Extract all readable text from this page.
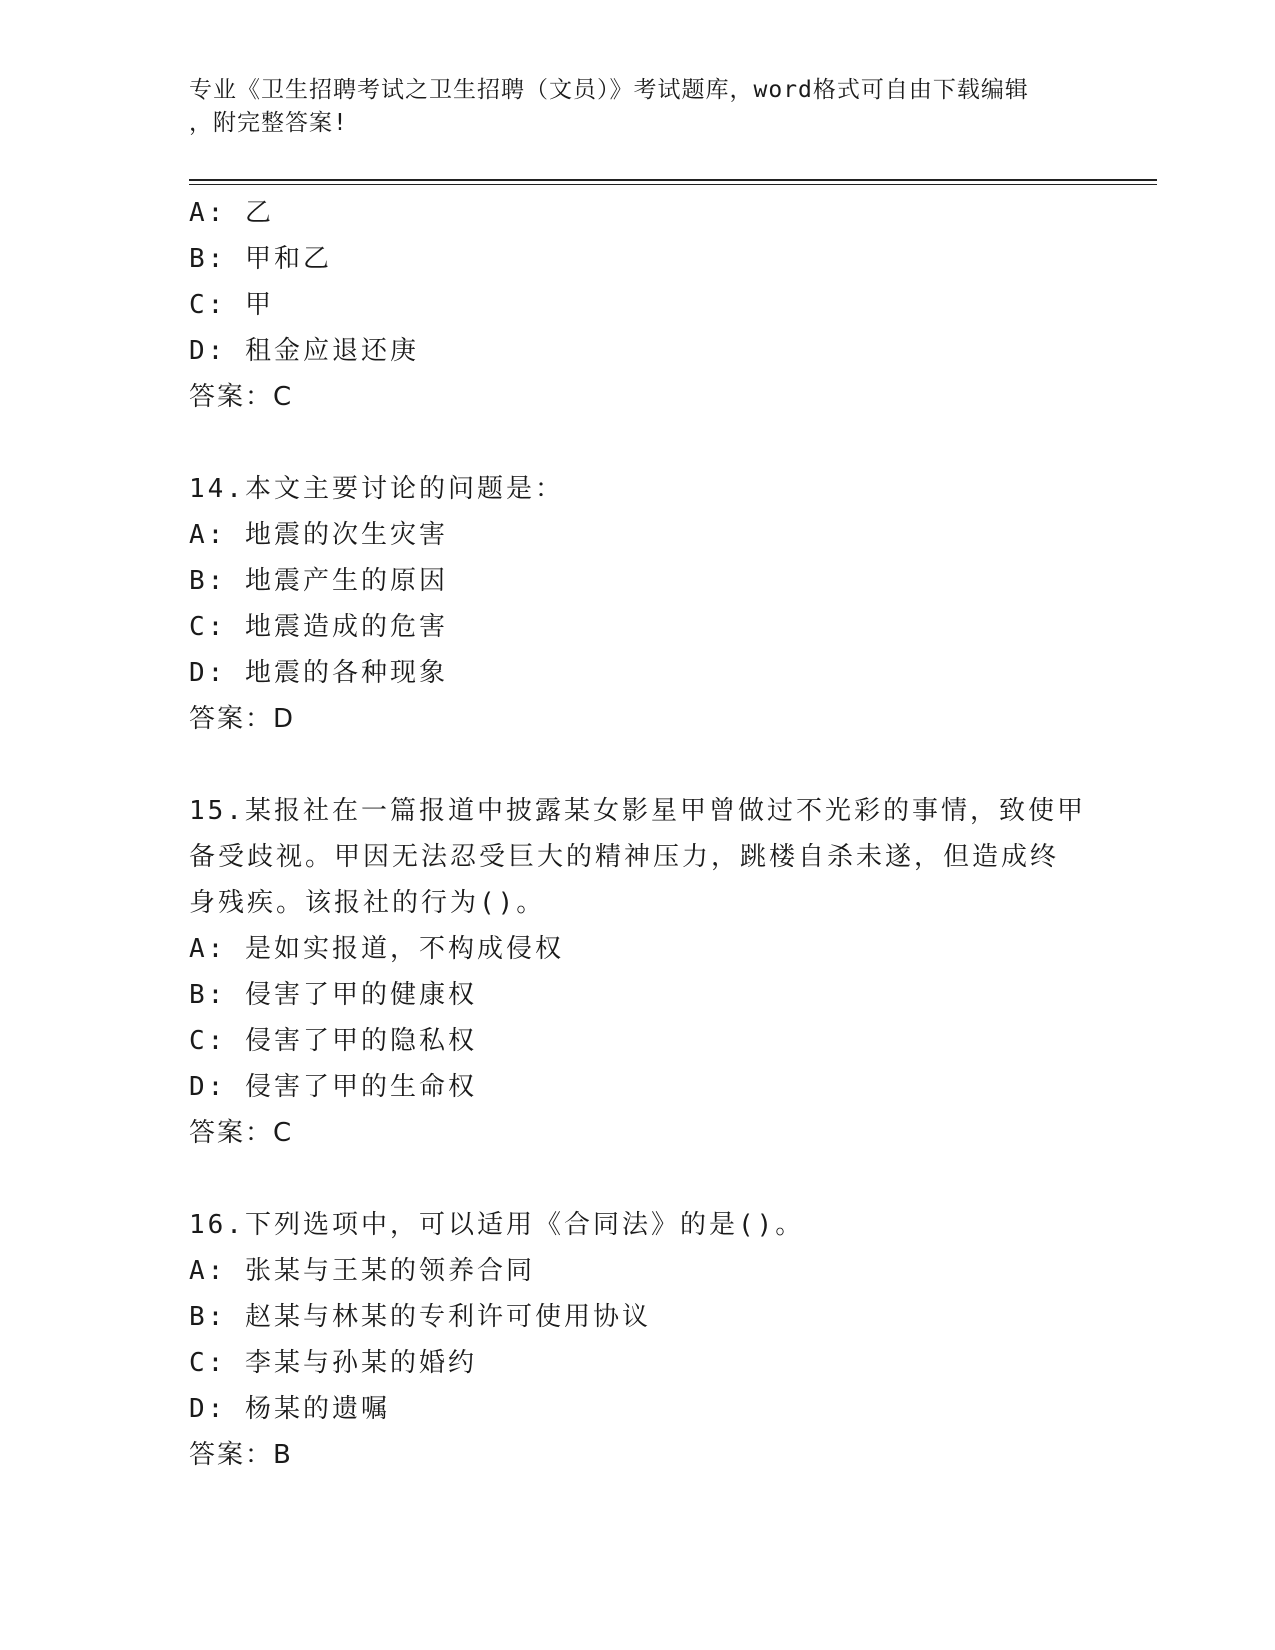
专业《卫生招聘考试之卫生招聘（文员）》考试题库，word格式可自由下载编辑
，附完整答案!
A: 乙
B: 甲和乙
C: 甲
D: 租金应退还庚
答案：C
14.本文主要讨论的问题是：
A: 地震的次生灾害
B: 地震产生的原因
C: 地震造成的危害
D: 地震的各种现象
答案：D
15.某报社在一篇报道中披露某女影星甲曾做过不光彩的事情，致使甲
备受歧视。甲因无法忍受巨大的精神压力，跳楼自杀未遂，但造成终
身残疾。该报社的行为()。
A: 是如实报道，不构成侵权
B: 侵害了甲的健康权
C: 侵害了甲的隐私权
D: 侵害了甲的生命权
答案：C
16.下列选项中，可以适用《合同法》的是()。
A: 张某与王某的领养合同
B: 赵某与林某的专利许可使用协议
C: 李某与孙某的婚约
D: 杨某的遗嘱
答案：B
